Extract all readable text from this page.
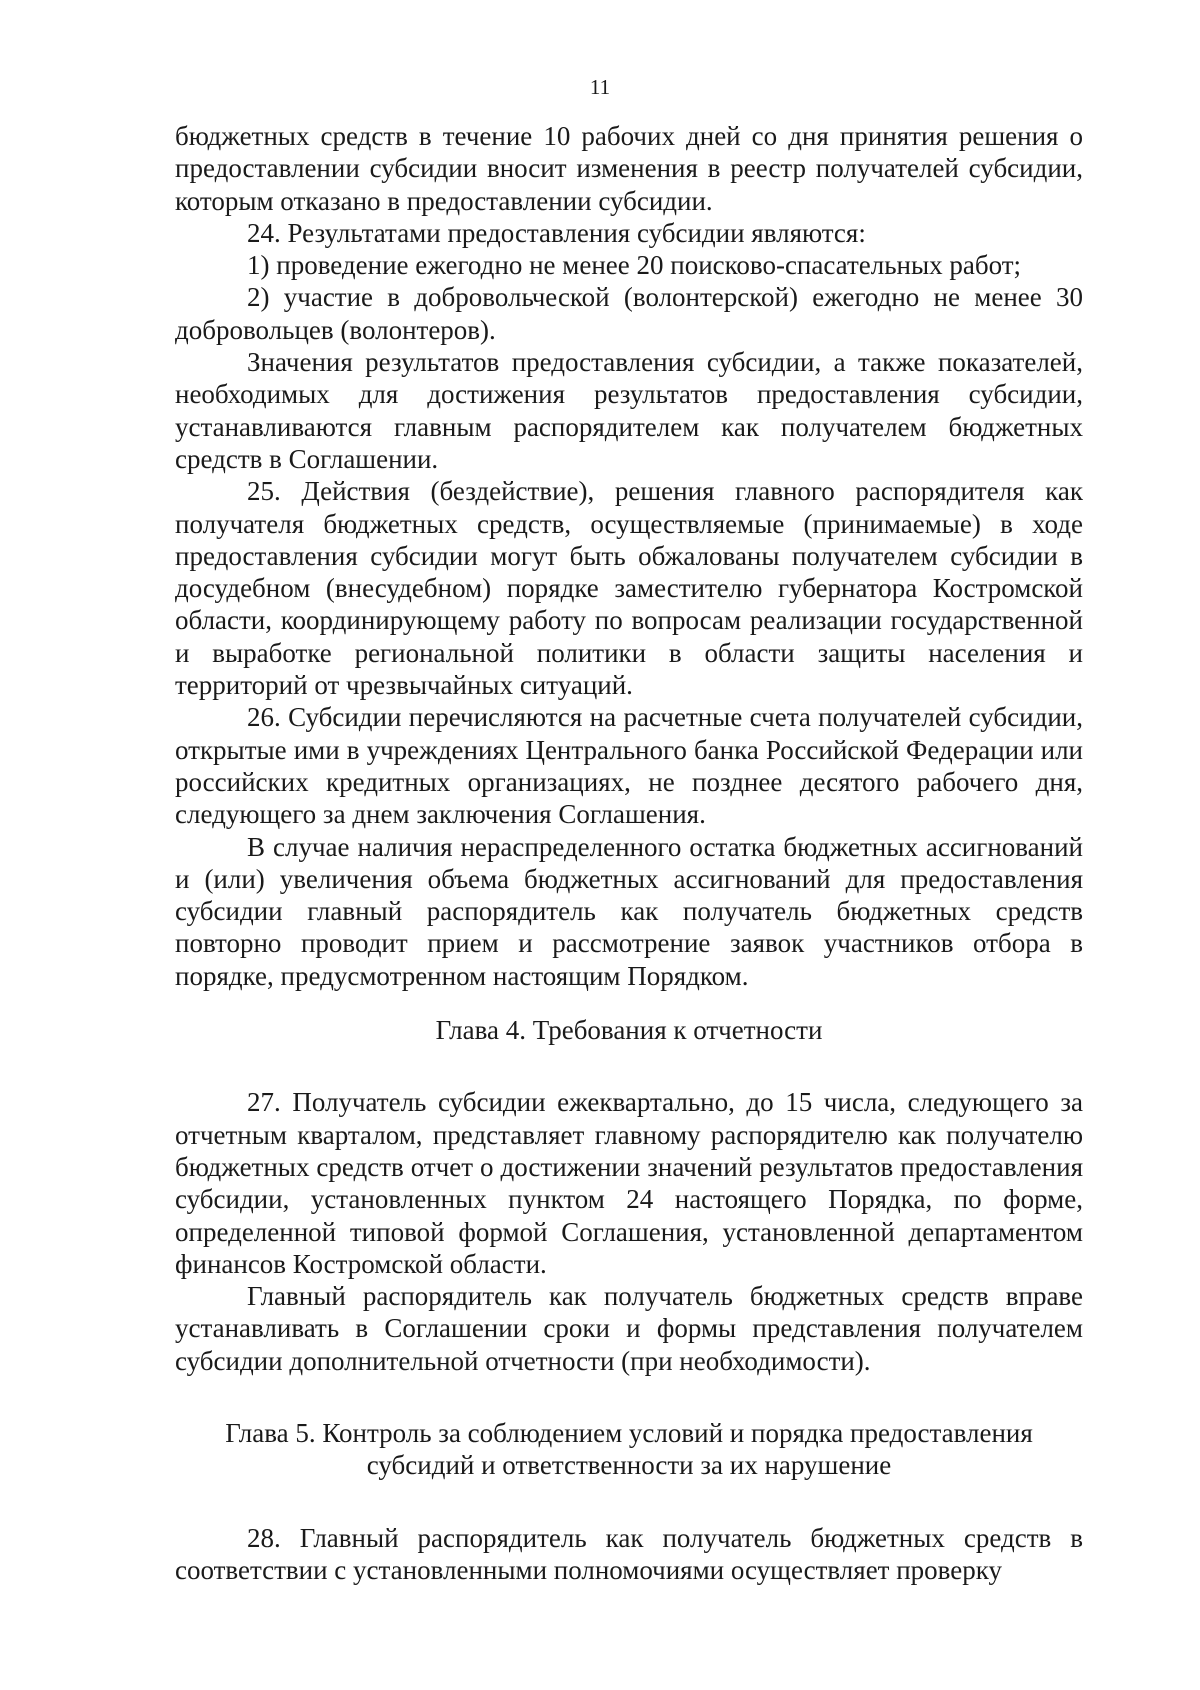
11

бюджетных средств в течение 10 рабочих дней со дня принятия решения о предоставлении субсидии вносит изменения в реестр получателей субсидии, которым отказано в предоставлении субсидии.

24. Результатами предоставления субсидии являются:

1) проведение ежегодно не менее 20 поисково-спасательных работ;

2) участие в добровольческой (волонтерской) ежегодно не менее 30 добровольцев (волонтеров).

Значения результатов предоставления субсидии, а также показателей, необходимых для достижения результатов предоставления субсидии, устанавливаются главным распорядителем как получателем бюджетных средств в Соглашении.

25. Действия (бездействие), решения главного распорядителя как получателя бюджетных средств, осуществляемые (принимаемые) в ходе предоставления субсидии могут быть обжалованы получателем субсидии в досудебном (внесудебном) порядке заместителю губернатора Костромской области, координирующему работу по вопросам реализации государственной и выработке региональной политики в области защиты населения и территорий от чрезвычайных ситуаций.

26. Субсидии перечисляются на расчетные счета получателей субсидии, открытые ими в учреждениях Центрального банка Российской Федерации или российских кредитных организациях, не позднее десятого рабочего дня, следующего за днем заключения Соглашения.

В случае наличия нераспределенного остатка бюджетных ассигнований и (или) увеличения объема бюджетных ассигнований для предоставления субсидии главный распорядитель как получатель бюджетных средств повторно проводит прием и рассмотрение заявок участников отбора в порядке, предусмотренном настоящим Порядком.

Глава 4. Требования к отчетности

27. Получатель субсидии ежеквартально, до 15 числа, следующего за отчетным кварталом, представляет главному распорядителю как получателю бюджетных средств отчет о достижении значений результатов предоставления субсидии, установленных пунктом 24 настоящего Порядка, по форме, определенной типовой формой Соглашения, установленной департаментом финансов Костромской области.

Главный распорядитель как получатель бюджетных средств вправе устанавливать в Соглашении сроки и формы представления получателем субсидии дополнительной отчетности (при необходимости).

Глава 5. Контроль за соблюдением условий и порядка предоставления

субсидий и ответственности за их нарушение

28. Главный распорядитель как получатель бюджетных средств в соответствии с установленными полномочиями осуществляет проверку
